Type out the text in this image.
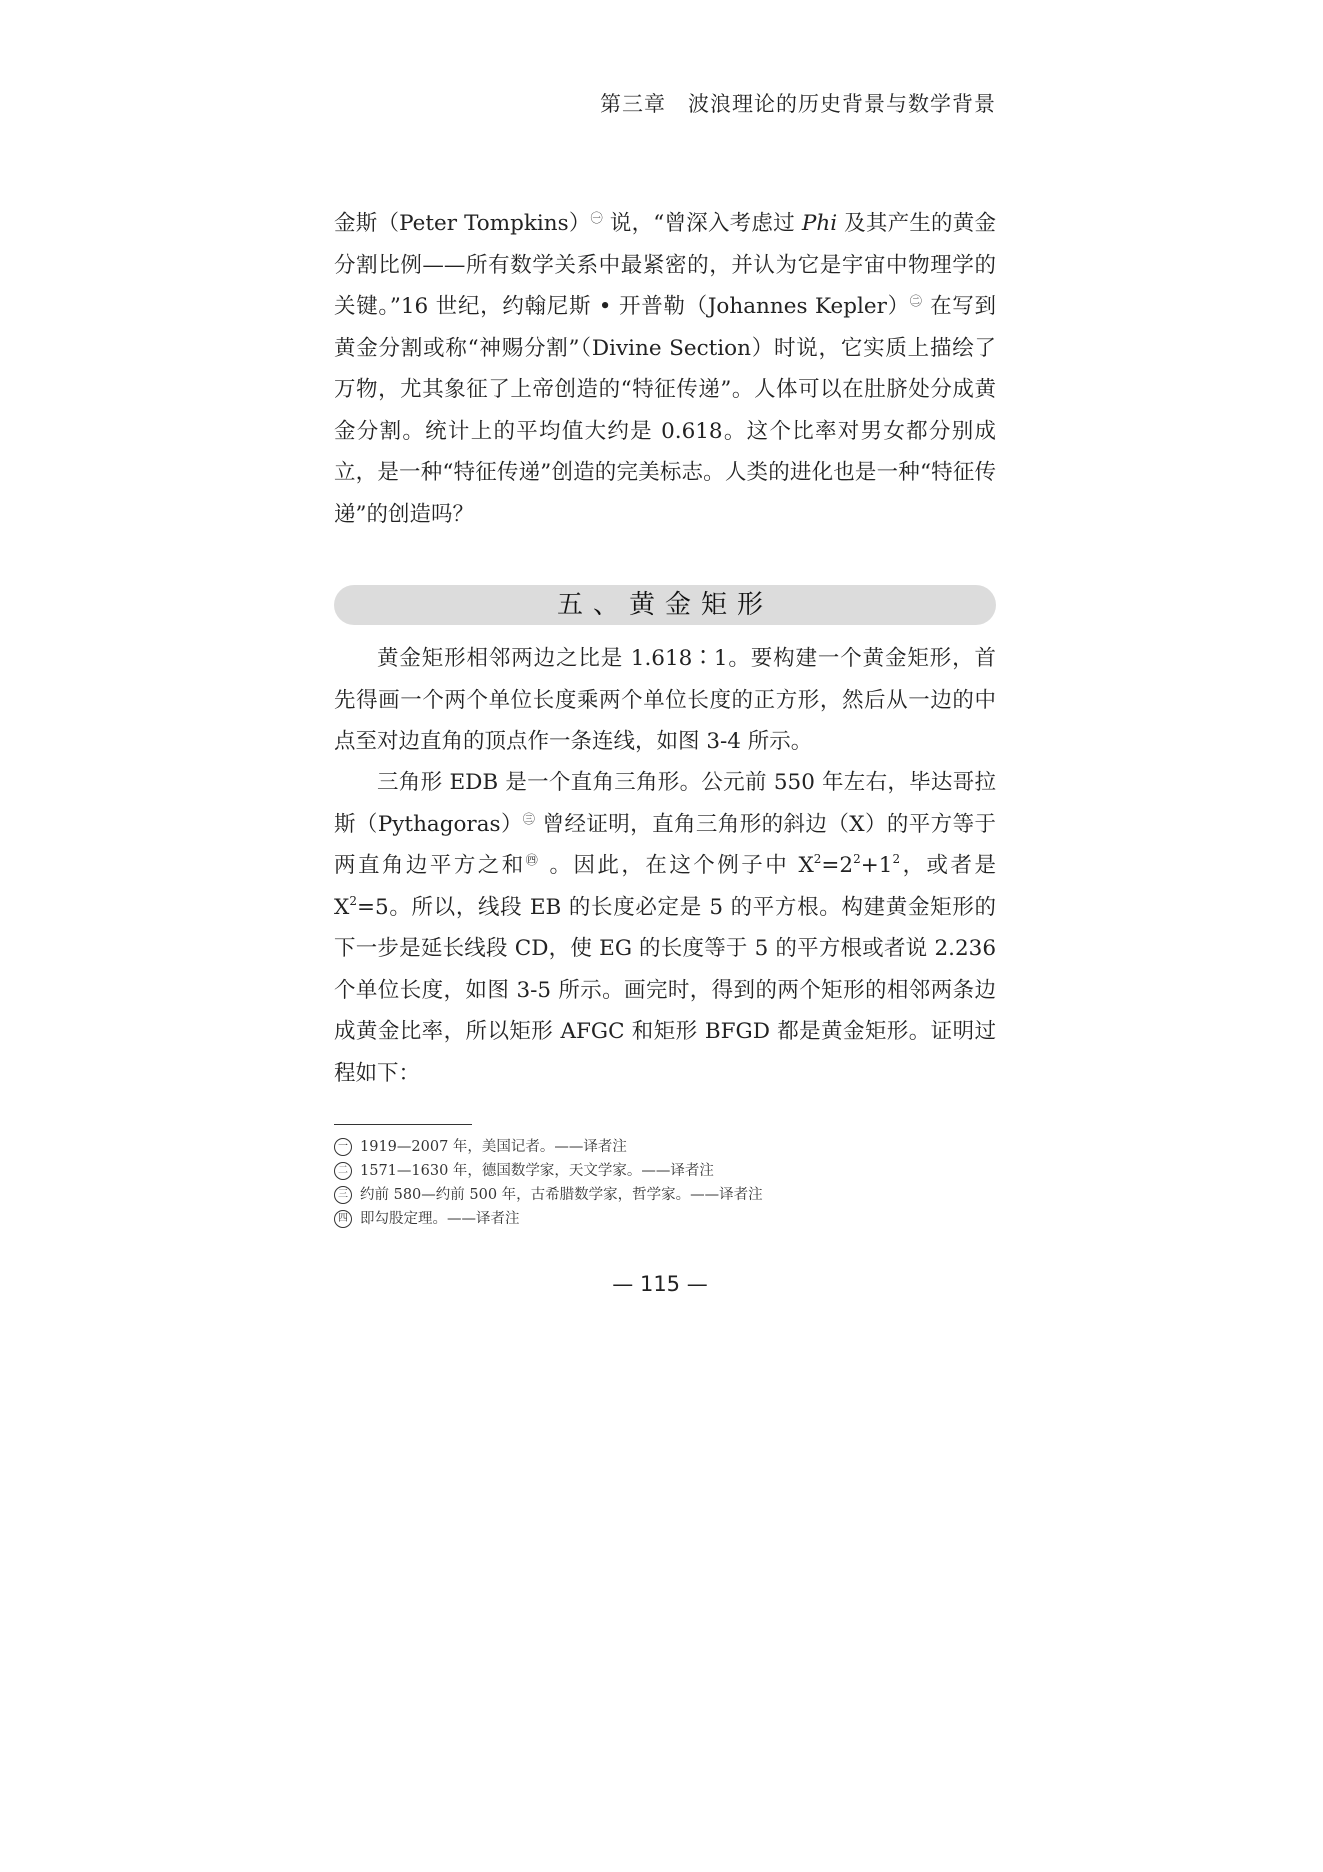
第三章　波浪理论的历史背景与数学背景

金斯（Peter Tompkins）$^㊀$ 说，“曾深入考虑过 Phi 及其产生的黄金分割比例——所有数学关系中最紧密的，并认为它是宇宙中物理学的关键。”16 世纪，约翰尼斯 • 开普勒（Johannes Kepler）$^㊁$ 在写到黄金分割或称“神赐分割”（Divine Section）时说，它实质上描绘了万物，尤其象征了上帝创造的“特征传递”。人体可以在肚脐处分成黄金分割。统计上的平均值大约是 0.618。这个比率对男女都分别成立，是一种“特征传递”创造的完美标志。人类的进化也是一种“特征传递”的创造吗？

五、黄金矩形

黄金矩形相邻两边之比是 1.618∶1。要构建一个黄金矩形，首先得画一个两个单位长度乘两个单位长度的正方形，然后从一边的中点至对边直角的顶点作一条连线，如图 3-4 所示。

三角形 EDB 是一个直角三角形。公元前 550 年左右，毕达哥拉斯（Pythagoras）$^㊂$ 曾经证明，直角三角形的斜边（X）的平方等于两直角边平方之和$^㊃$ 。因此，在这个例子中 $X^2=2^2+1^2$，或者是 $X^2=5$。所以，线段 EB 的长度必定是 5 的平方根。构建黄金矩形的下一步是延长线段 CD，使 EG 的长度等于 5 的平方根或者说 2.236 个单位长度，如图 3-5 所示。画完时，得到的两个矩形的相邻两条边成黄金比率，所以矩形 AFGC 和矩形 BFGD 都是黄金矩形。证明过程如下：

一 1919—2007 年，美国记者。——译者注
二 1571—1630 年，德国数学家，天文学家。——译者注
三 约前 580—约前 500 年，古希腊数学家，哲学家。——译者注
四 即勾股定理。——译者注
— 115 —
